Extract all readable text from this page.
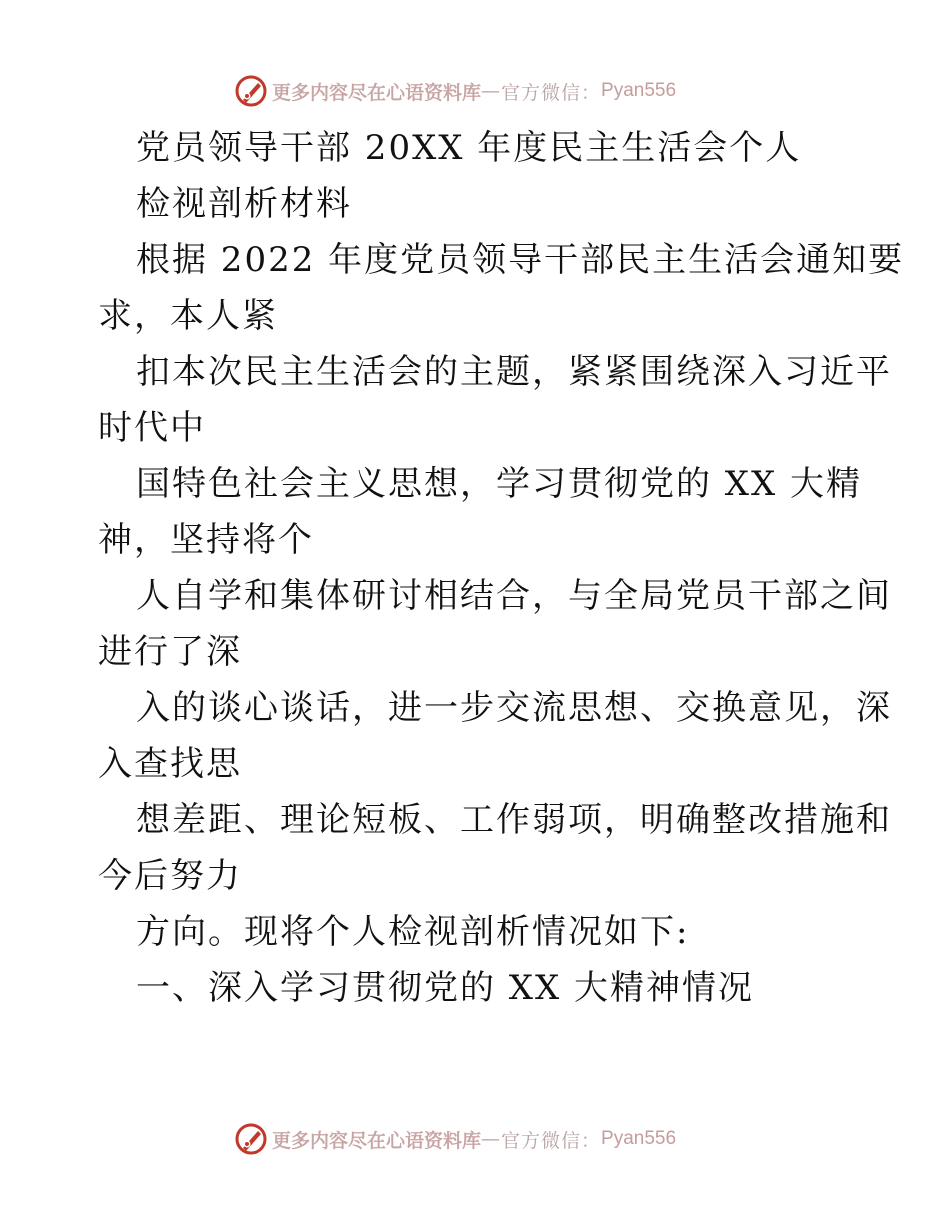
更多内容尽在心语资料库 — 官方微信： Pyan556
党员领导干部 20XX 年度民主生活会个人
检视剖析材料
根据 2022 年度党员领导干部民主生活会通知要
求，本人紧
扣本次民主生活会的主题，紧紧围绕深入习近平
时代中
国特色社会主义思想，学习贯彻党的 XX 大精
神，坚持将个
人自学和集体研讨相结合，与全局党员干部之间
进行了深
入的谈心谈话，进一步交流思想、交换意见，深
入查找思
想差距、理论短板、工作弱项，明确整改措施和
今后努力
方向。现将个人检视剖析情况如下:
一、深入学习贯彻党的 XX 大精神情况
更多内容尽在心语资料库 — 官方微信： Pyan556
